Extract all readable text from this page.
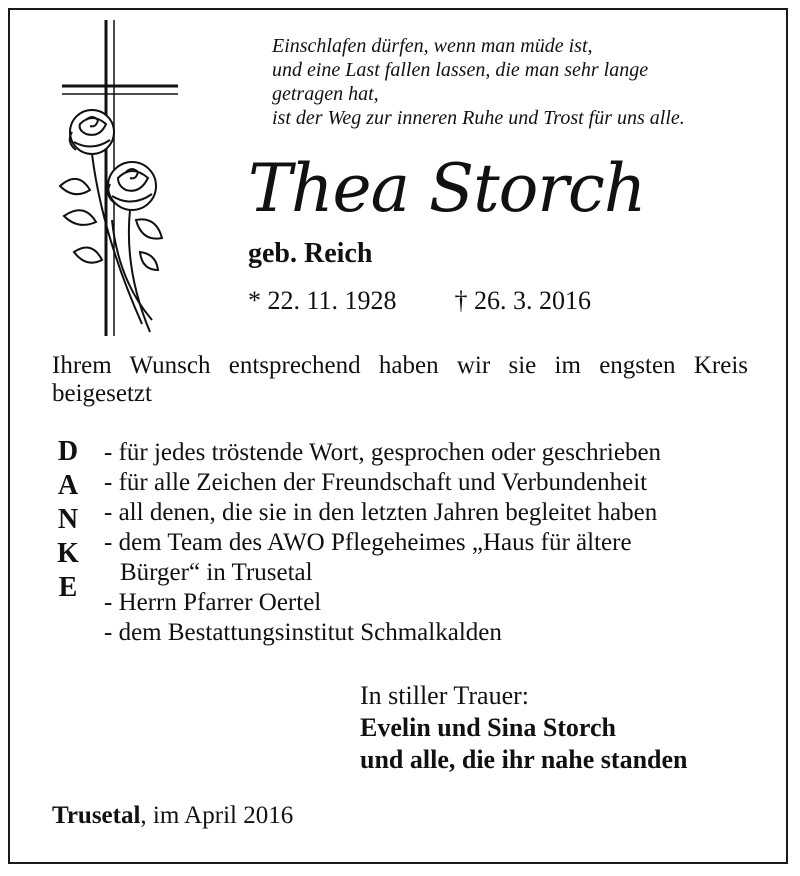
Einschlafen dürfen, wenn man müde ist,
und eine Last fallen lassen, die man sehr lange
getragen hat,
ist der Weg zur inneren Ruhe und Trost für uns alle.
Thea Storch
geb. Reich
* 22. 11. 1928 † 26. 3. 2016
Ihrem Wunsch entsprechend haben wir sie im engsten Kreis beigesetzt
D
A
N
K
E
- für jedes tröstende Wort, gesprochen oder geschrieben
- für alle Zeichen der Freundschaft und Verbundenheit
- all denen, die sie in den letzten Jahren begleitet haben
- dem Team des AWO Pflegeheimes „Haus für ältere
Bürger“ in Trusetal
- Herrn Pfarrer Oertel
- dem Bestattungsinstitut Schmalkalden
In stiller Trauer:
Evelin und Sina Storch
und alle, die ihr nahe standen
Trusetal, im April 2016
